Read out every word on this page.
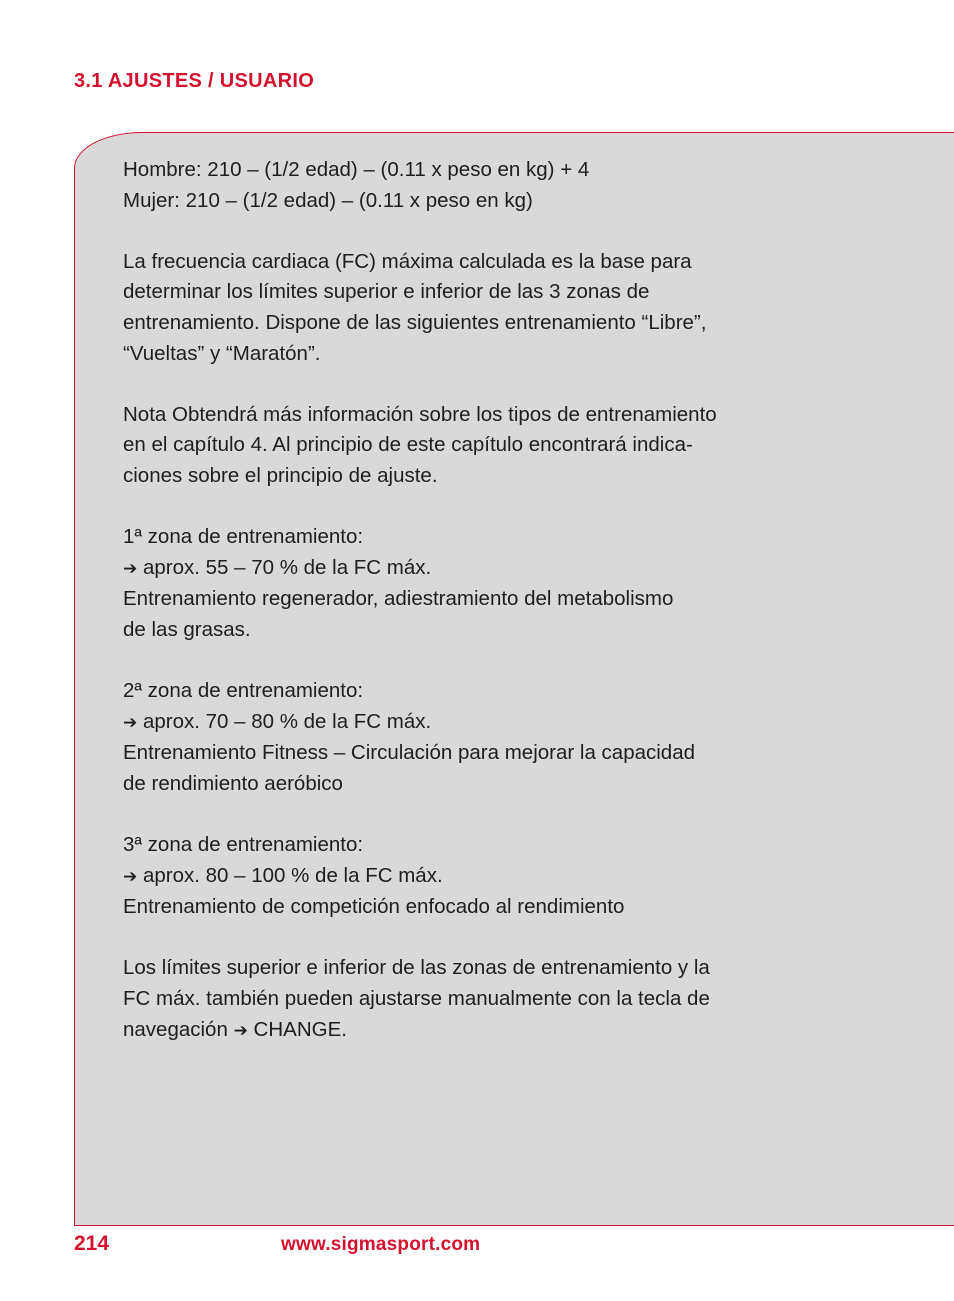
3.1 AJUSTES / USUARIO

Hombre: 210 – (1/2 edad) – (0.11 x peso en kg) + 4

Mujer: 210 – (1/2 edad) – (0.11 x peso en kg)

La frecuencia cardiaca (FC) máxima calculada es la base para

determinar los límites superior e inferior de las 3 zonas de

entrenamiento. Dispone de las siguientes entrenamiento “Libre”,

“Vueltas” y “Maratón”.

Nota Obtendrá más información sobre los tipos de entrenamiento

en el capítulo 4. Al principio de este capítulo encontrará indica-

ciones sobre el principio de ajuste.

1ª zona de entrenamiento:

➔ aprox. 55 – 70 % de la FC máx.

Entrenamiento regenerador, adiestramiento del metabolismo

de las grasas.

2ª zona de entrenamiento:

➔ aprox. 70 – 80 % de la FC máx.

Entrenamiento Fitness – Circulación para mejorar la capacidad

de rendimiento aeróbico

3ª zona de entrenamiento:

➔ aprox. 80 – 100 % de la FC máx.

Entrenamiento de competición enfocado al rendimiento

Los límites superior e inferior de las zonas de entrenamiento y la

FC máx. también pueden ajustarse manualmente con la tecla de

navegación ➔ CHANGE.

214	www.sigmasport.com
